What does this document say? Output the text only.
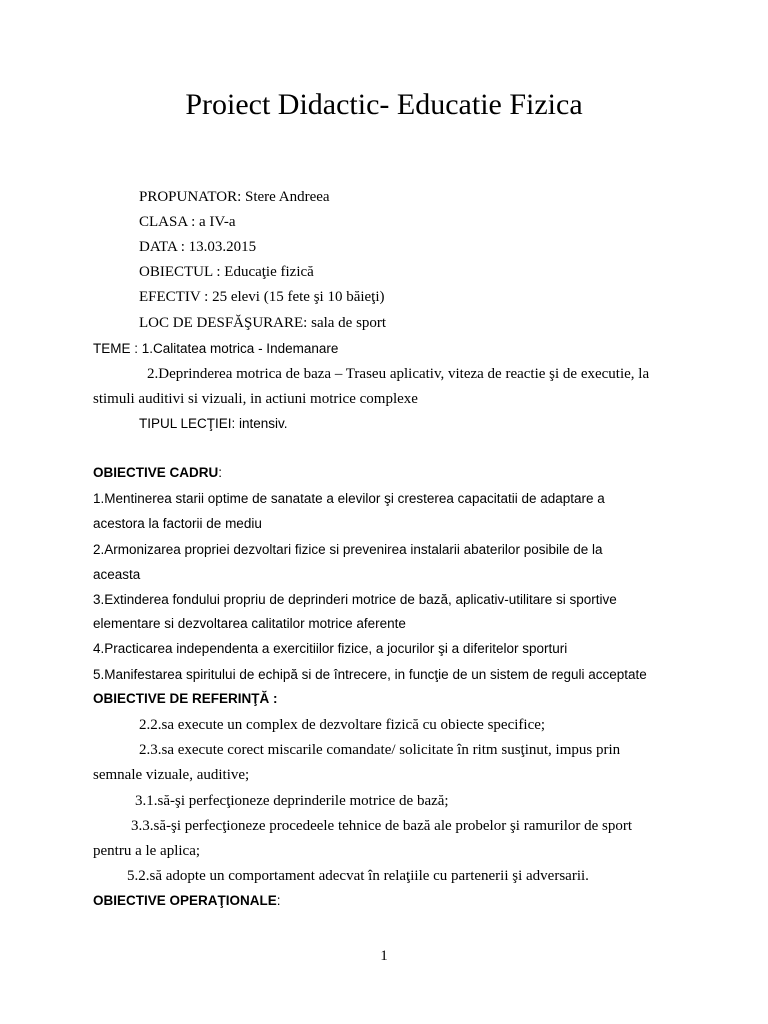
Proiect Didactic- Educatie Fizica
PROPUNATOR: Stere Andreea
CLASA : a IV-a
DATA : 13.03.2015
OBIECTUL : Educaţie fizică
EFECTIV : 25 elevi (15 fete şi 10 băieţi)
LOC DE DESFĂŞURARE: sala de sport
TEME : 1.Calitatea motrica - Indemanare
2.Deprinderea motrica de baza – Traseu aplicativ, viteza de reactie şi de executie, la
stimuli auditivi si vizuali, in actiuni motrice complexe
TIPUL LECŢIEI: intensiv.
OBIECTIVE CADRU:
1.Mentinerea starii optime de sanatate a elevilor şi cresterea capacitatii de adaptare a
acestora la factorii de mediu
2.Armonizarea propriei dezvoltari fizice si prevenirea instalarii abaterilor posibile de la
aceasta
3.Extinderea fondului propriu de deprinderi motrice de bază, aplicativ-utilitare si sportive
elementare si dezvoltarea calitatilor motrice aferente
4.Practicarea independenta a exercitiilor fizice, a jocurilor şi a diferitelor sporturi
5.Manifestarea spiritului de echipă si de întrecere, in funcţie de un sistem de reguli acceptate
OBIECTIVE DE REFERINŢĂ :
2.2.sa execute un complex de dezvoltare fizică cu obiecte specifice;
2.3.sa execute corect miscarile comandate/ solicitate în ritm susţinut, impus prin
semnale vizuale, auditive;
3.1.să-şi perfecţioneze deprinderile motrice de bază;
3.3.să-şi perfecţioneze procedeele tehnice de bază ale probelor şi ramurilor de sport
pentru a le aplica;
5.2.să adopte un comportament adecvat în relaţiile cu partenerii şi adversarii.
OBIECTIVE OPERAŢIONALE:
1
